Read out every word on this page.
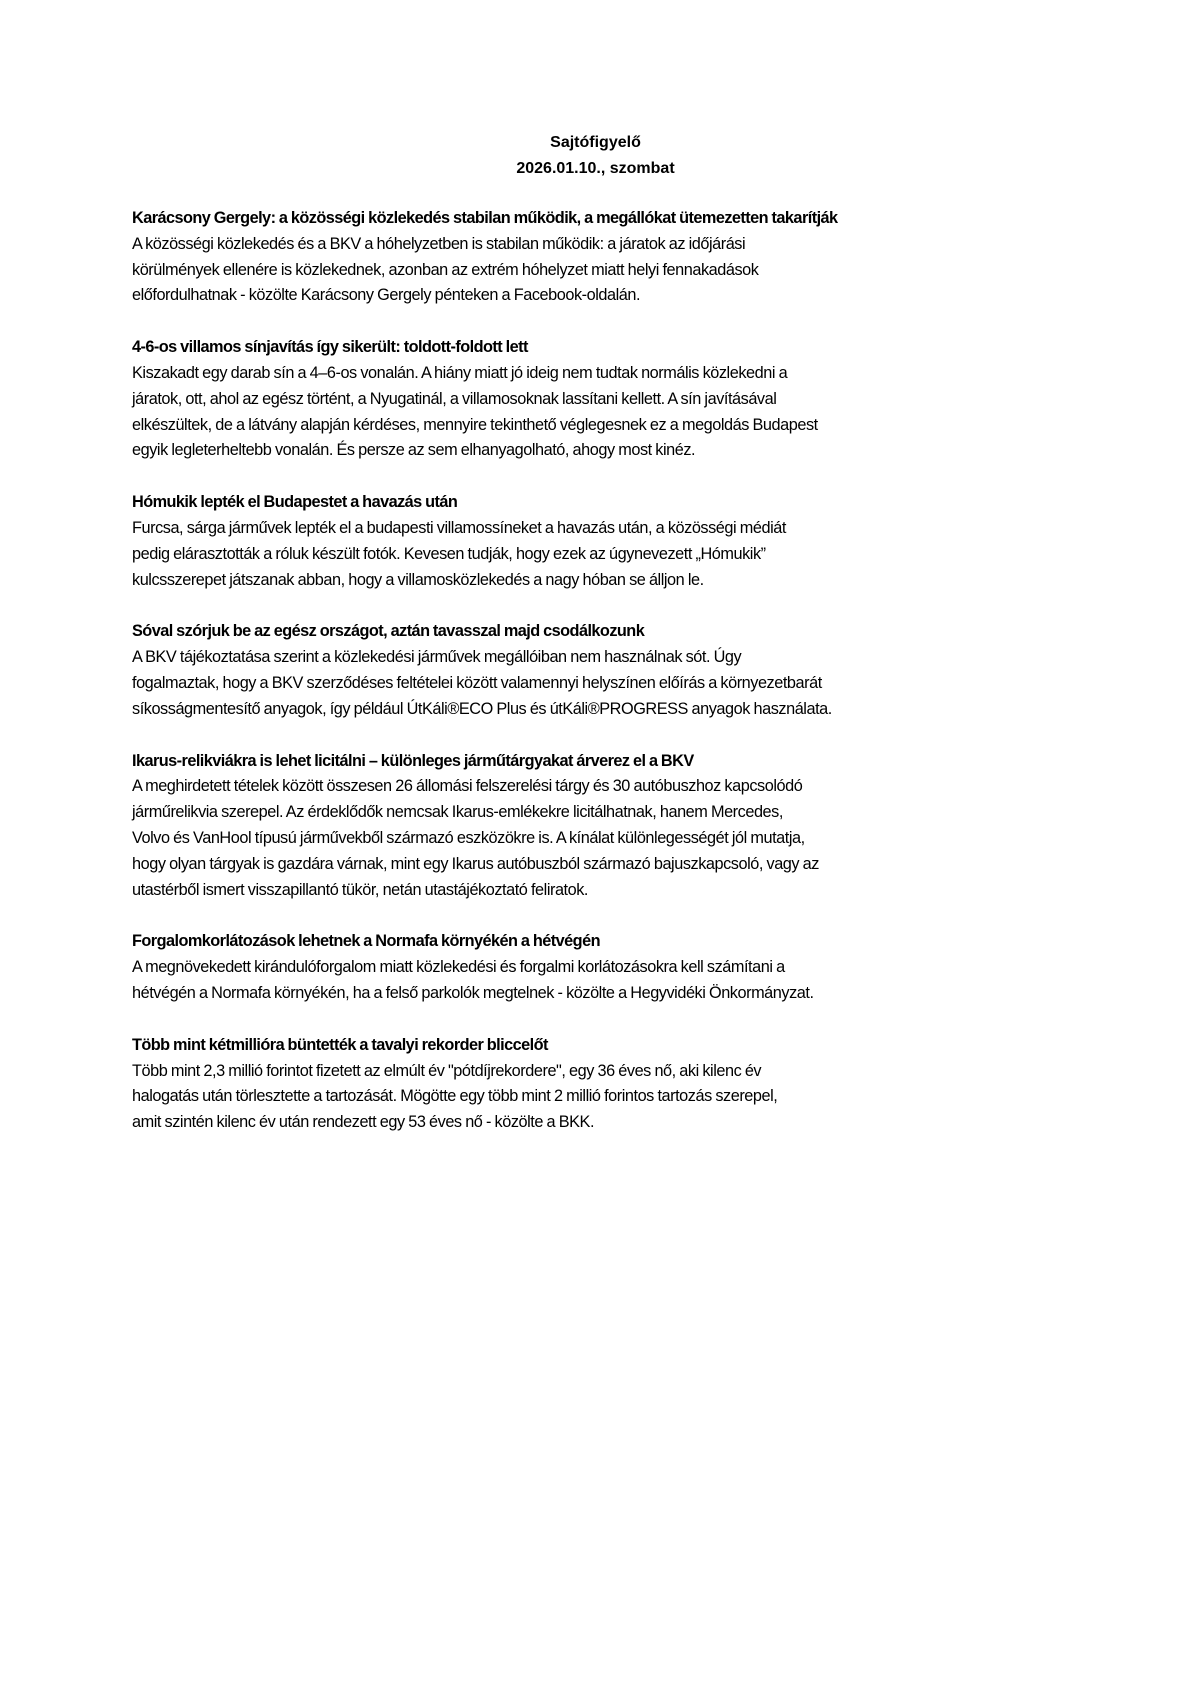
Sajtófigyelő
2026.01.10., szombat
Karácsony Gergely: a közösségi közlekedés stabilan működik, a megállókat ütemezetten takarítják
A közösségi közlekedés és a BKV a hóhelyzetben is stabilan működik: a járatok az időjárási
körülmények ellenére is közlekednek, azonban az extrém hóhelyzet miatt helyi fennakadások
előfordulhatnak - közölte Karácsony Gergely pénteken a Facebook-oldalán.
4-6-os villamos sínjavítás így sikerült: toldott-foldott lett
Kiszakadt egy darab sín a 4–6-os vonalán. A hiány miatt jó ideig nem tudtak normális közlekedni a
járatok, ott, ahol az egész történt, a Nyugatinál, a villamosoknak lassítani kellett. A sín javításával
elkészültek, de a látvány alapján kérdéses, mennyire tekinthető véglegesnek ez a megoldás Budapest
egyik legleterheltebb vonalán. És persze az sem elhanyagolható, ahogy most kinéz.
Hómukik lepték el Budapestet a havazás után
Furcsa, sárga járművek lepték el a budapesti villamossíneket a havazás után, a közösségi médiát
pedig elárasztották a róluk készült fotók. Kevesen tudják, hogy ezek az úgynevezett „Hómukik”
kulcsszerepet játszanak abban, hogy a villamosközlekedés a nagy hóban se álljon le.
Sóval szórjuk be az egész országot, aztán tavasszal majd csodálkozunk
A BKV tájékoztatása szerint a közlekedési járművek megállóiban nem használnak sót. Úgy
fogalmaztak, hogy a BKV szerződéses feltételei között valamennyi helyszínen előírás a környezetbarát
síkosságmentesítő anyagok, így például ÚtKáli®ECO Plus és útKáli®PROGRESS anyagok használata.
Ikarus-relikviákra is lehet licitálni – különleges járműtárgyakat árverez el a BKV
A meghirdetett tételek között összesen 26 állomási felszerelési tárgy és 30 autóbuszhoz kapcsolódó
járműrelikvia szerepel. Az érdeklődők nemcsak Ikarus-emlékekre licitálhatnak, hanem Mercedes,
Volvo és VanHool típusú járművekből származó eszközökre is. A kínálat különlegességét jól mutatja,
hogy olyan tárgyak is gazdára várnak, mint egy Ikarus autóbuszból származó bajuszkapcsoló, vagy az
utastérből ismert visszapillantó tükör, netán utastájékoztató feliratok.
Forgalomkorlátozások lehetnek a Normafa környékén a hétvégén
A megnövekedett kirándulóforgalom miatt közlekedési és forgalmi korlátozásokra kell számítani a
hétvégén a Normafa környékén, ha a felső parkolók megtelnek - közölte a Hegyvidéki Önkormányzat.
Több mint kétmillióra büntették a tavalyi rekorder bliccelőt
Több mint 2,3 millió forintot fizetett az elmúlt év "pótdíjrekordere", egy 36 éves nő, aki kilenc év
halogatás után törlesztette a tartozását. Mögötte egy több mint 2 millió forintos tartozás szerepel,
amit szintén kilenc év után rendezett egy 53 éves nő - közölte a BKK.
